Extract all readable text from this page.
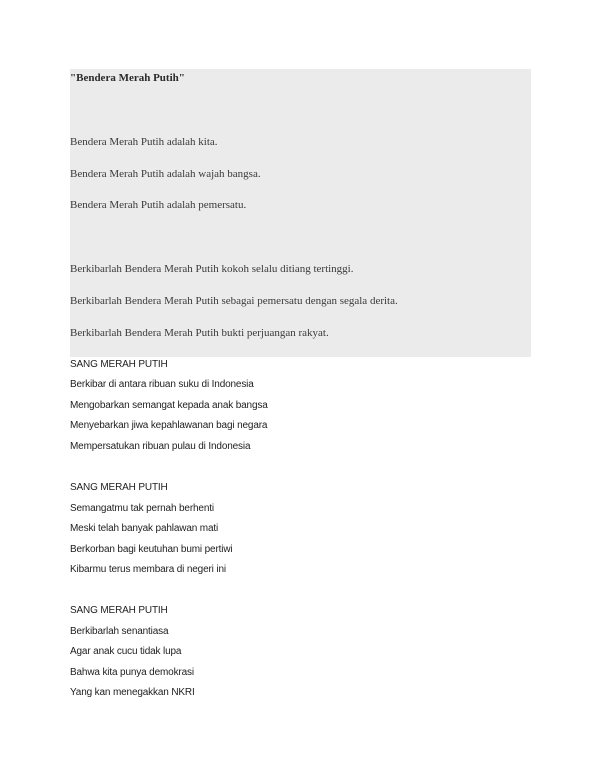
"Bendera Merah Putih"
Bendera Merah Putih adalah kita.
Bendera Merah Putih adalah wajah bangsa.
Bendera Merah Putih adalah pemersatu.
Berkibarlah Bendera Merah Putih kokoh selalu ditiang tertinggi.
Berkibarlah Bendera Merah Putih sebagai pemersatu dengan segala derita.
Berkibarlah Bendera Merah Putih bukti perjuangan rakyat.
SANG MERAH PUTIH
Berkibar di antara ribuan suku di Indonesia
Mengobarkan semangat kepada anak bangsa
Menyebarkan jiwa kepahlawanan bagi negara
Mempersatukan ribuan pulau di Indonesia
SANG MERAH PUTIH
Semangatmu tak pernah berhenti
Meski telah banyak pahlawan mati
Berkorban bagi keutuhan bumi pertiwi
Kibarmu terus membara di negeri ini
SANG MERAH PUTIH
Berkibarlah senantiasa
Agar anak cucu tidak lupa
Bahwa kita punya demokrasi
Yang kan menegakkan NKRI
